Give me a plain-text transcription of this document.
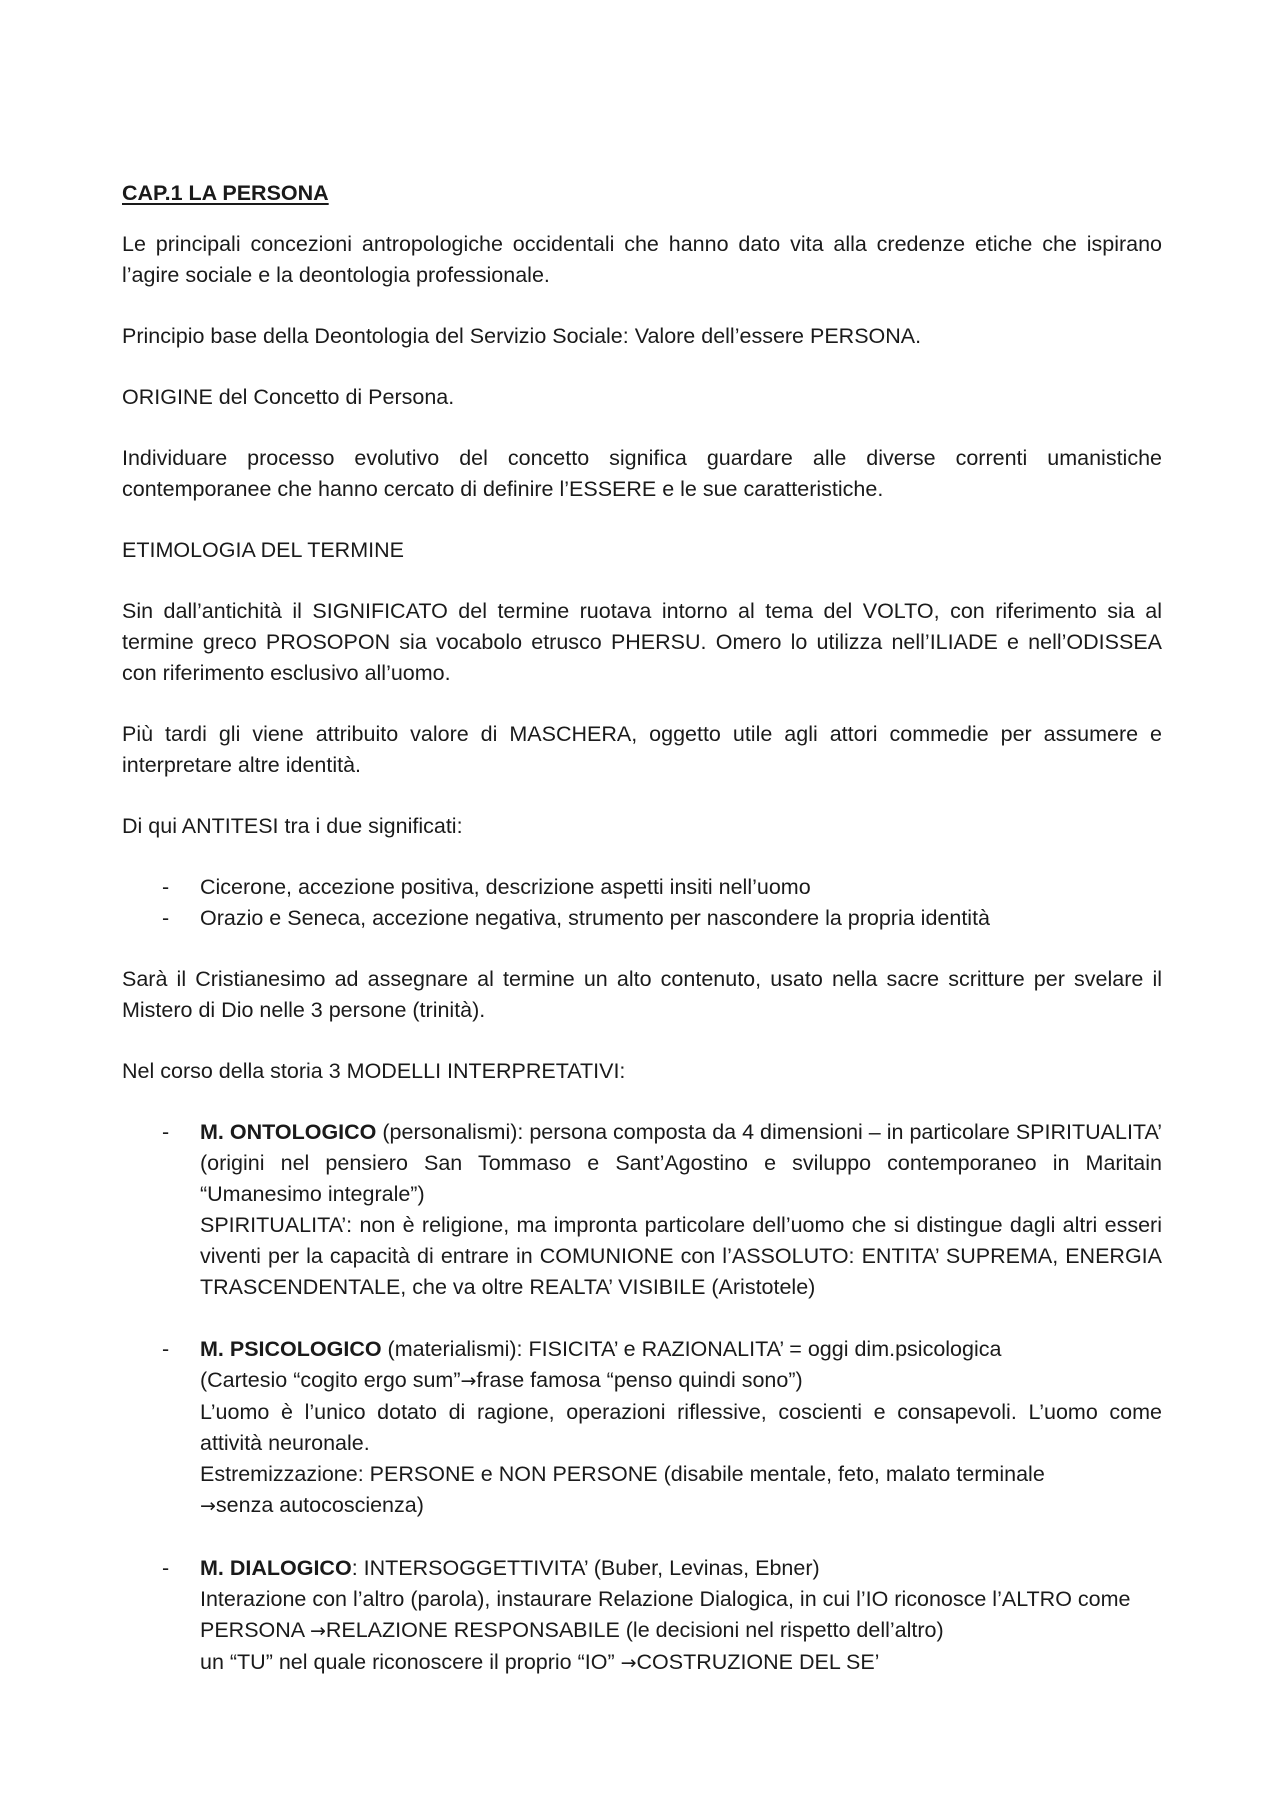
CAP.1 LA PERSONA

Le principali concezioni antropologiche occidentali che hanno dato vita alla credenze etiche che ispirano l’agire sociale e la deontologia professionale.

Principio base della Deontologia del Servizio Sociale: Valore dell’essere PERSONA.

ORIGINE del Concetto di Persona.

Individuare processo evolutivo del concetto significa guardare alle diverse correnti umanistiche contemporanee che hanno cercato di definire l’ESSERE e le sue caratteristiche.

ETIMOLOGIA DEL TERMINE

Sin dall’antichità il SIGNIFICATO del termine ruotava intorno al tema del VOLTO, con riferimento sia al termine greco PROSOPON sia vocabolo etrusco PHERSU. Omero lo utilizza nell’ILIADE e nell’ODISSEA con riferimento esclusivo all’uomo.

Più tardi gli viene attribuito valore di MASCHERA, oggetto utile agli attori commedie per assumere e interpretare altre identità.

Di qui ANTITESI tra i due significati:

- Cicerone, accezione positiva, descrizione aspetti insiti nell’uomo
- Orazio e Seneca, accezione negativa, strumento per nascondere la propria identità

Sarà il Cristianesimo ad assegnare al termine un alto contenuto, usato nella sacre scritture per svelare il Mistero di Dio nelle 3 persone (trinità).

Nel corso della storia 3 MODELLI INTERPRETATIVI:

- M. ONTOLOGICO (personalismi): persona composta da 4 dimensioni – in particolare SPIRITUALITA’ (origini nel pensiero San Tommaso e Sant’Agostino e sviluppo contemporaneo in Maritain “Umanesimo integrale”)
SPIRITUALITA’: non è religione, ma impronta particolare dell’uomo che si distingue dagli altri esseri viventi per la capacità di entrare in COMUNIONE con l’ASSOLUTO: ENTITA’ SUPREMA, ENERGIA TRASCENDENTALE, che va oltre REALTA’ VISIBILE (Aristotele)
- M. PSICOLOGICO (materialismi): FISICITA’ e RAZIONALITA’ = oggi dim.psicologica
(Cartesio “cogito ergo sum”→frase famosa “penso quindi sono”)
L’uomo è l’unico dotato di ragione, operazioni riflessive, coscienti e consapevoli. L’uomo come attività neuronale.
Estremizzazione: PERSONE e NON PERSONE (disabile mentale, feto, malato terminale
→senza autocoscienza)
- M. DIALOGICO: INTERSOGGETTIVITA’ (Buber, Levinas, Ebner)
Interazione con l’altro (parola), instaurare Relazione Dialogica, in cui l’IO riconosce l’ALTRO come PERSONA →RELAZIONE RESPONSABILE (le decisioni nel rispetto dell’altro)
un “TU” nel quale riconoscere il proprio “IO” →COSTRUZIONE DEL SE’
